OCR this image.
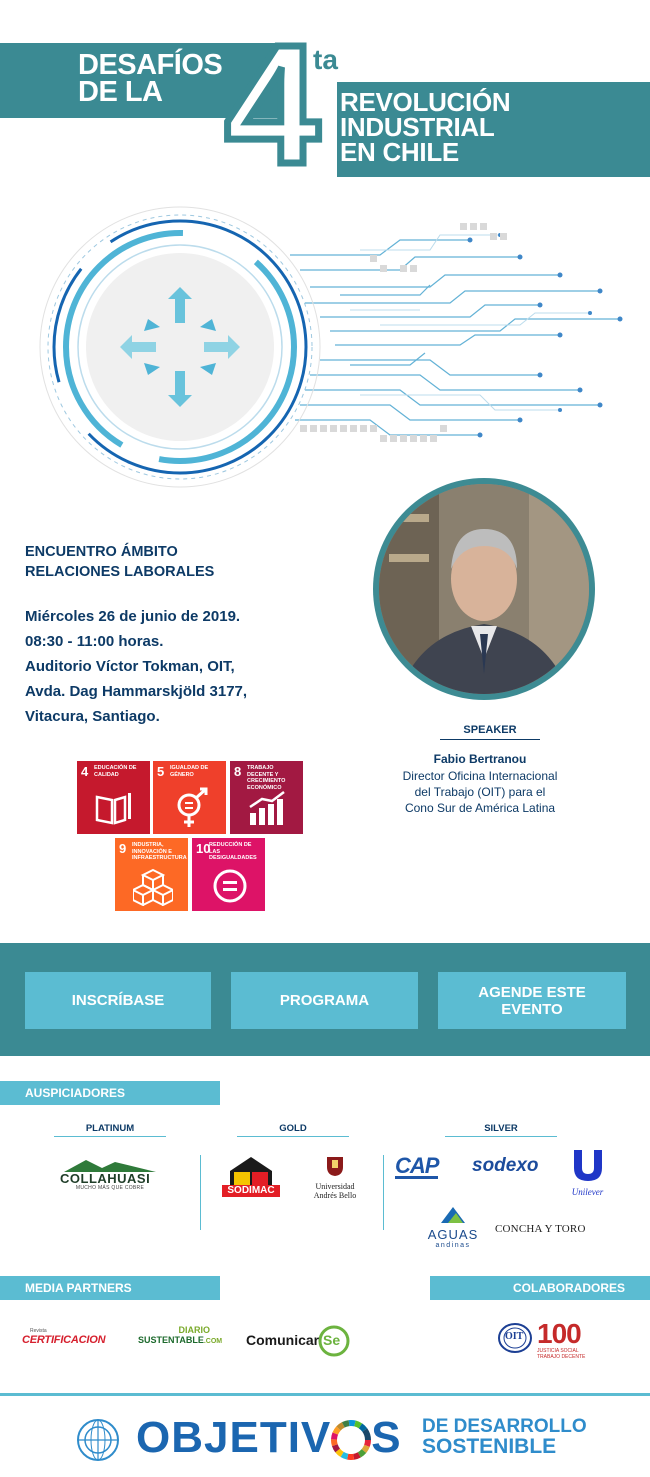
DESAFÍOS
DE LA 4
ta
REVOLUCIÓN
INDUSTRIAL
EN CHILE
ENCUENTRO ÁMBITO
RELACIONES LABORALES
Miércoles 26 de junio de 2019.
08:30 - 11:00 horas.
Auditorio Víctor Tokman, OIT,
Avda. Dag Hammarskjöld 3177,
Vitacura, Santiago.
SPEAKER
Fabio Bertranou
Director Oficina Internacional
del Trabajo (OIT) para el
Cono Sur de América Latina
4 EDUCACIÓN DE CALIDAD	5 IGUALDAD DE GÉNERO	8 TRABAJO DECENTE Y CRECIMIENTO ECONÓMICO
9 INDUSTRIA, INNOVACIÓN E INFRAESTRUCTURA
10
REDUCCIÓN DE LAS DESIGUALDADES
INSCRÍBASE	PROGRAMA	AGENDE ESTE
EVENTO
AUSPICIADORES
PLATINUM	GOLD	SILVER
COLLAHUASI
MUCHO MÁS QUE COBRE	SODIMAC	Universidad
Andrés Bello
CAP sodexo
Unilever
AGUAS
andinas
CONCHA Y TORO
MEDIA PARTNERS
Revista
CERTIFICACION
DIARIO
SUSTENTABLE.COM Comunicar Se
COLABORADORES
OIT 100
JUSTICIA SOCIAL TRABAJO DECENTE
OBJETIV S DE DESARROLLO
SOSTENIBLE
